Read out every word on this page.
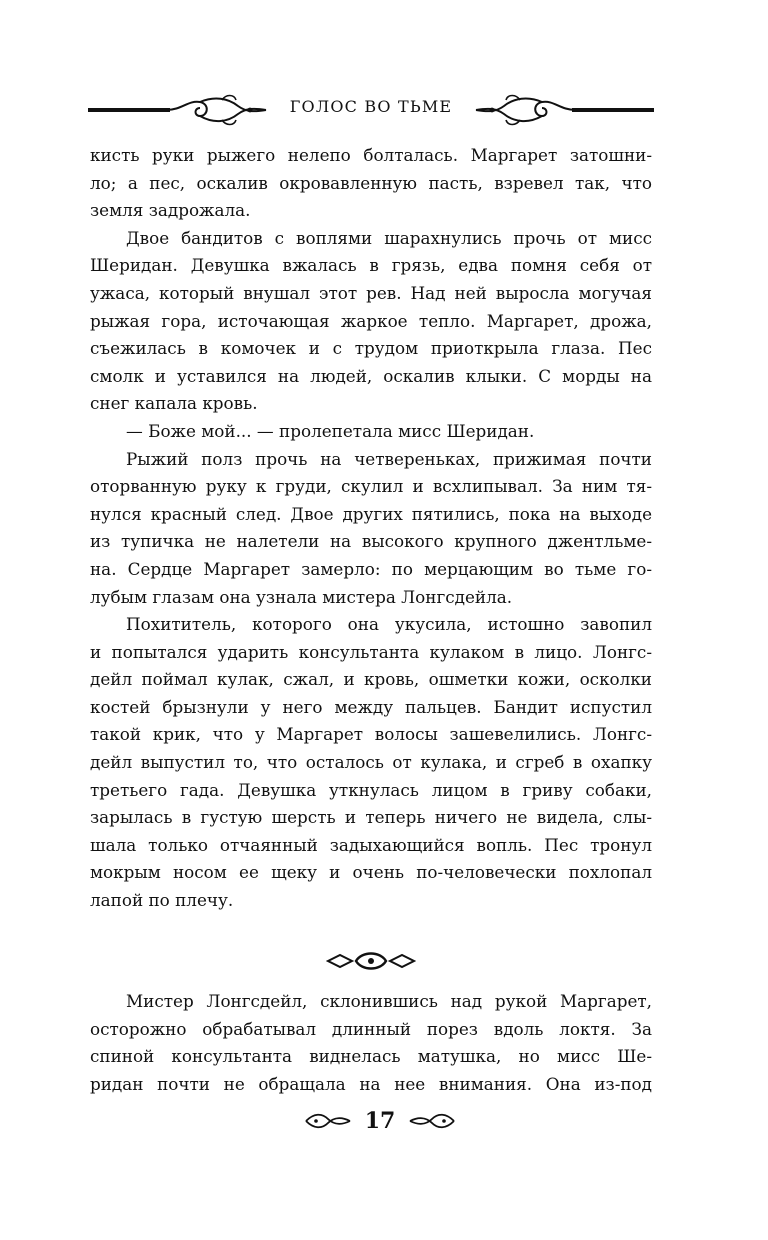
ГОЛОС ВО ТЬМЕ

кисть руки рыжего нелепо болталась. Маргарет затошни-

ло; а пес, оскалив окровавленную пасть, взревел так, что

земля задрожала.

Двое бандитов с воплями шарахнулись прочь от мисс

Шеридан. Девушка вжалась в грязь, едва помня себя от

ужаса, который внушал этот рев. Над ней выросла могучая

рыжая гора, источающая жаркое тепло. Маргарет, дрожа,

съежилась в комочек и с трудом приоткрыла глаза. Пес

смолк и уставился на людей, оскалив клыки. С морды на

снег капала кровь.

— Боже мой... — пролепетала мисс Шеридан.

Рыжий полз прочь на четвереньках, прижимая почти

оторванную руку к груди, скулил и всхлипывал. За ним тя-

нулся красный след. Двое других пятились, пока на выходе

из тупичка не налетели на высокого крупного джентльме-

на. Сердце Маргарет замерло: по мерцающим во тьме го-

лубым глазам она узнала мистера Лонгсдейла.

Похититель, которого она укусила, истошно завопил

и попытался ударить консультанта кулаком в лицо. Лонгс-

дейл поймал кулак, сжал, и кровь, ошметки кожи, осколки

костей брызнули у него между пальцев. Бандит испустил

такой крик, что у Маргарет волосы зашевелились. Лонгс-

дейл выпустил то, что осталось от кулака, и сгреб в охапку

третьего гада. Девушка уткнулась лицом в гриву собаки,

зарылась в густую шерсть и теперь ничего не видела, слы-

шала только отчаянный задыхающийся вопль. Пес тронул

мокрым носом ее щеку и очень по-человечески похлопал

лапой по плечу.

Мистер Лонгсдейл, склонившись над рукой Маргарет,

осторожно обрабатывал длинный порез вдоль локтя. За

спиной консультанта виднелась матушка, но мисс Ше-

ридан почти не обращала на нее внимания. Она из-под

17
